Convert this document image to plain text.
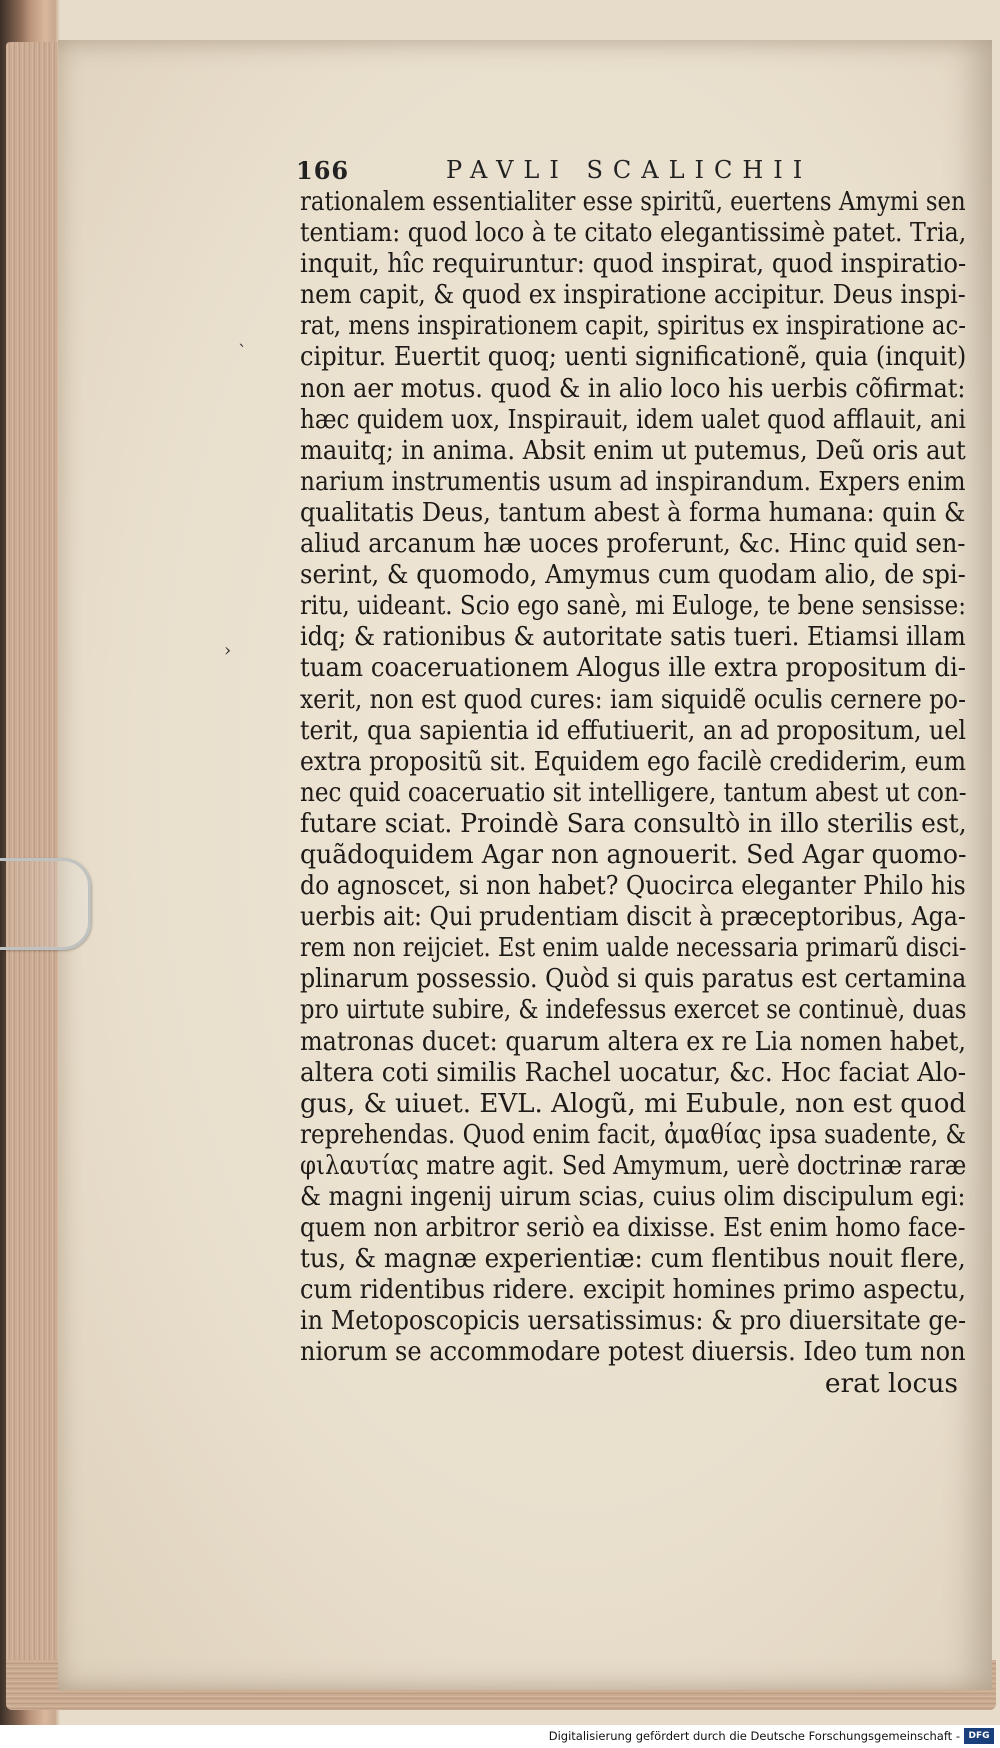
166	PAVLI SCALICHII
rationalem essentialiter esse spiritũ, euertens Amymi sen
tentiam: quod loco à te citato elegantissimè patet. Tria,
inquit, hîc requiruntur: quod inspirat, quod inspiratio-
nem capit, & quod ex inspiratione accipitur. Deus inspi-
rat, mens inspirationem capit, spiritus ex inspiratione ac-
cipitur. Euertit quoq; uenti significationẽ, quia (inquit)
non aer motus. quod & in alio loco his uerbis cõfirmat:
hæc quidem uox, Inspirauit, idem ualet quod afflauit, ani
mauitq; in anima. Absit enim ut putemus, Deũ oris aut
narium instrumentis usum ad inspirandum. Expers enim
qualitatis Deus, tantum abest à forma humana: quin &
aliud arcanum hæ uoces proferunt, &c. Hinc quid sen-
serint, & quomodo, Amymus cum quodam alio, de spi-
ritu, uideant. Scio ego sanè, mi Euloge, te bene sensisse:
idq; & rationibus & autoritate satis tueri. Etiamsi illam
tuam coaceruationem Alogus ille extra propositum di-
xerit, non est quod cures: iam siquidẽ oculis cernere po-
terit, qua sapientia id effutiuerit, an ad propositum, uel
extra propositũ sit. Equidem ego facilè crediderim, eum
nec quid coaceruatio sit intelligere, tantum abest ut con-
futare sciat. Proindè Sara consultò in illo sterilis est,
quãdoquidem Agar non agnouerit. Sed Agar quomo-
do agnoscet, si non habet? Quocirca eleganter Philo his
uerbis ait: Qui prudentiam discit à præceptoribus, Aga-
rem non reijciet. Est enim ualde necessaria primarũ disci-
plinarum possessio. Quòd si quis paratus est certamina
pro uirtute subire, & indefessus exercet se continuè, duas
matronas ducet: quarum altera ex re Lia nomen habet,
altera coti similis Rachel uocatur, &c. Hoc faciat Alo-
gus, & uiuet. EVL. Alogũ, mi Eubule, non est quod
reprehendas. Quod enim facit, ἀμαθίας ipsa suadente, &
φιλαυτίας matre agit. Sed Amymum, uerè doctrinæ raræ
& magni ingenij uirum scias, cuius olim discipulum egi:
quem non arbitror seriò ea dixisse. Est enim homo face-
tus, & magnæ experientiæ: cum flentibus nouit flere,
cum ridentibus ridere. excipit homines primo aspectu,
in Metoposcopicis uersatissimus: & pro diuersitate ge-
niorum se accommodare potest diuersis. Ideo tum non
erat locus
ˋ
›
Digitalisierung gefördert durch die Deutsche Forschungsgemeinschaft - DFG
